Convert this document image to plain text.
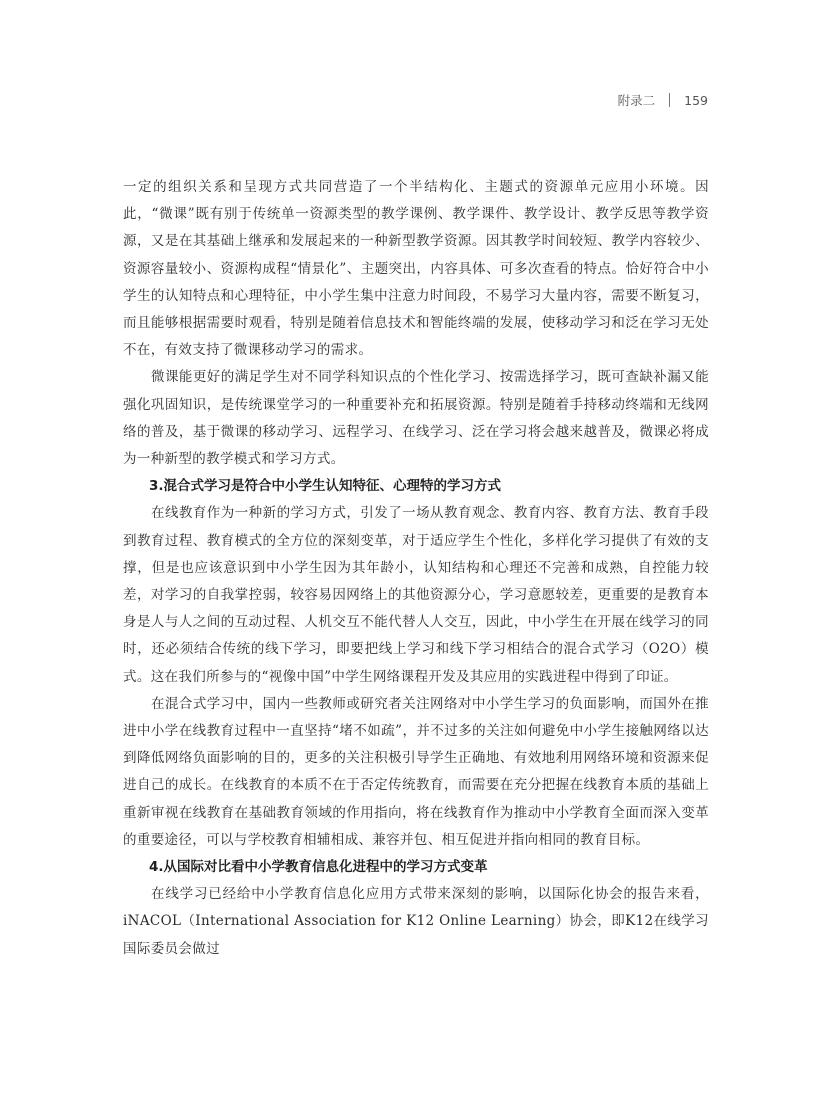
附录二 159

一定的组织关系和呈现方式共同营造了一个半结构化、主题式的资源单元应用小环境。因此，“微课”既有别于传统单一资源类型的教学课例、教学课件、教学设计、教学反思等教学资源，又是在其基础上继承和发展起来的一种新型教学资源。因其教学时间较短、教学内容较少、资源容量较小、资源构成程“情景化”、主题突出，内容具体、可多次查看的特点。恰好符合中小学生的认知特点和心理特征，中小学生集中注意力时间段，不易学习大量内容，需要不断复习，而且能够根据需要时观看，特别是随着信息技术和智能终端的发展，使移动学习和泛在学习无处不在，有效支持了微课移动学习的需求。

微课能更好的满足学生对不同学科知识点的个性化学习、按需选择学习，既可查缺补漏又能强化巩固知识，是传统课堂学习的一种重要补充和拓展资源。特别是随着手持移动终端和无线网络的普及，基于微课的移动学习、远程学习、在线学习、泛在学习将会越来越普及，微课必将成为一种新型的教学模式和学习方式。

3.混合式学习是符合中小学生认知特征、心理特的学习方式

在线教育作为一种新的学习方式，引发了一场从教育观念、教育内容、教育方法、教育手段到教育过程、教育模式的全方位的深刻变革，对于适应学生个性化，多样化学习提供了有效的支撑，但是也应该意识到中小学生因为其年龄小，认知结构和心理还不完善和成熟，自控能力较差，对学习的自我掌控弱，较容易因网络上的其他资源分心，学习意愿较差，更重要的是教育本身是人与人之间的互动过程、人机交互不能代替人人交互，因此，中小学生在开展在线学习的同时，还必须结合传统的线下学习，即要把线上学习和线下学习相结合的混合式学习（O2O）模式。这在我们所参与的“视像中国”中学生网络课程开发及其应用的实践进程中得到了印证。

在混合式学习中，国内一些教师或研究者关注网络对中小学生学习的负面影响，而国外在推进中小学在线教育过程中一直坚持“堵不如疏”，并不过多的关注如何避免中小学生接触网络以达到降低网络负面影响的目的，更多的关注积极引导学生正确地、有效地利用网络环境和资源来促进自己的成长。在线教育的本质不在于否定传统教育，而需要在充分把握在线教育本质的基础上重新审视在线教育在基础教育领域的作用指向，将在线教育作为推动中小学教育全面而深入变革的重要途径，可以与学校教育相辅相成、兼容并包、相互促进并指向相同的教育目标。

4.从国际对比看中小学教育信息化进程中的学习方式变革

在线学习已经给中小学教育信息化应用方式带来深刻的影响，以国际化协会的报告来看，iNACOL（International Association for K12 Online Learning）协会，即K12在线学习国际委员会做过
